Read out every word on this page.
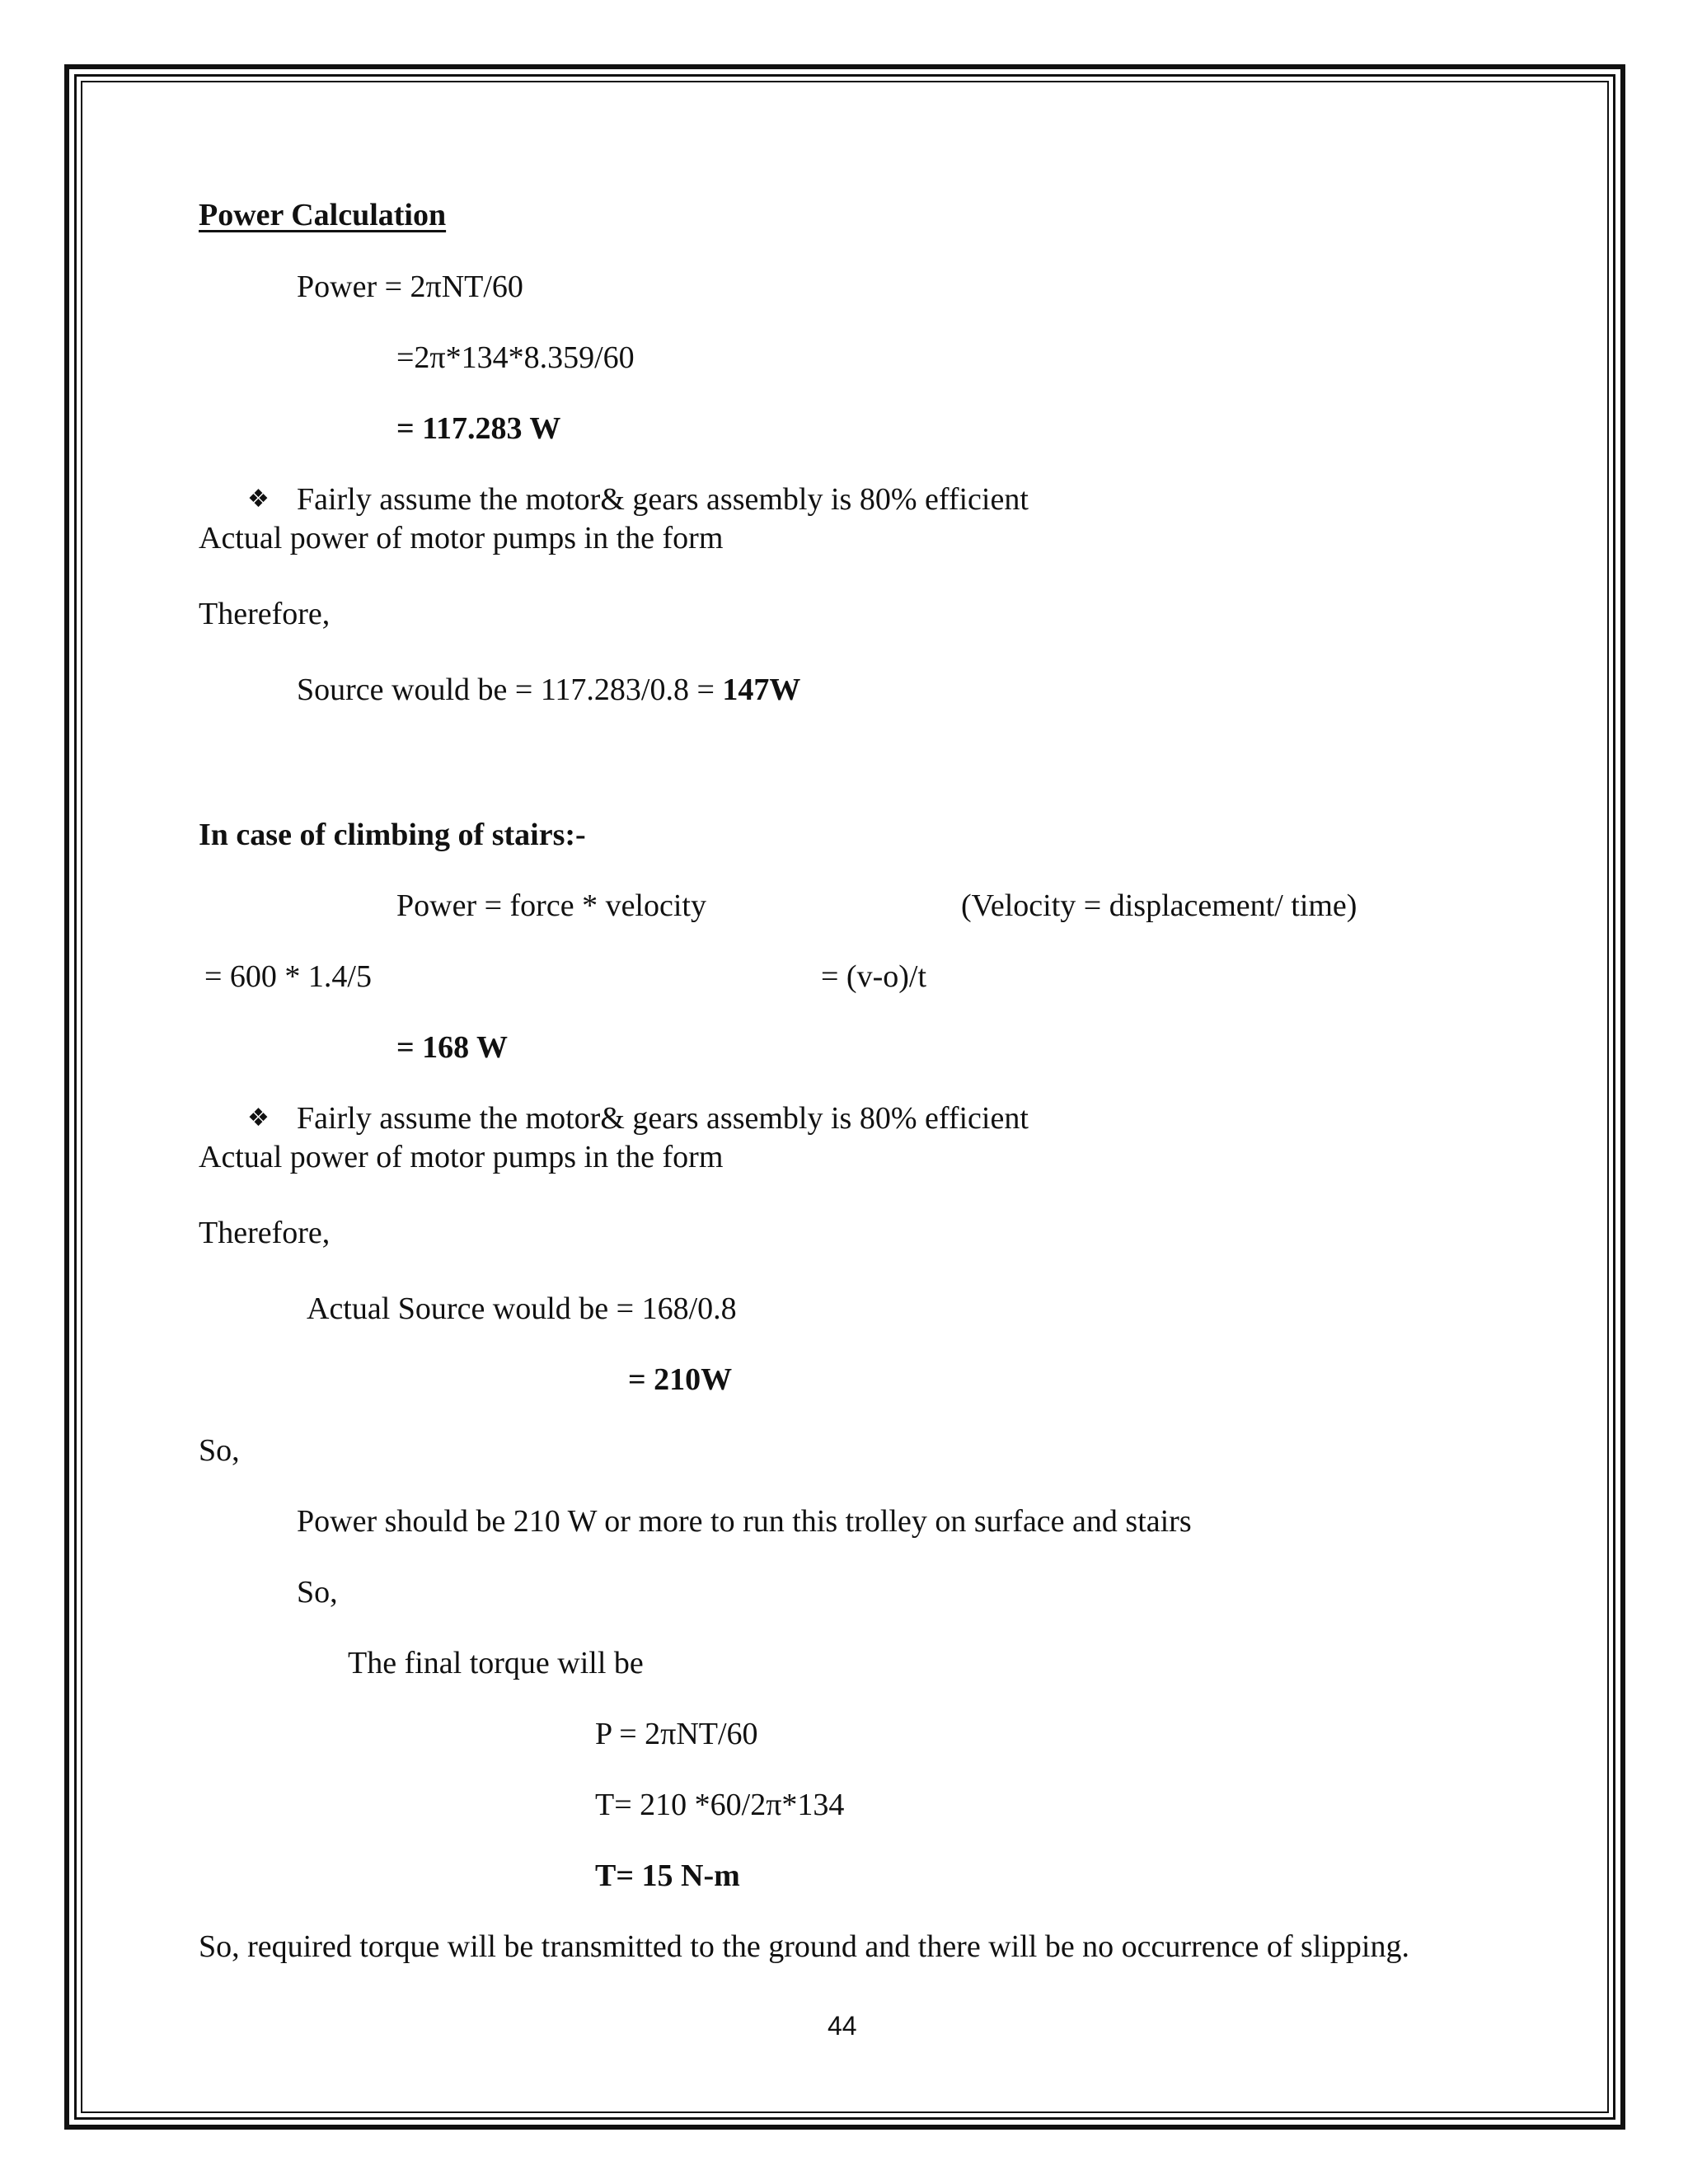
Power Calculation
Power = 2πNT/60
=2π*134*8.359/60
= 117.283 W
❖ Fairly assume the motor& gears assembly is 80% efficient
Actual power of motor pumps in the form
Therefore,
Source would be = 117.283/0.8 = 147W
In case of climbing of stairs:-
Power = force * velocity	(Velocity = displacement/ time)
= 600 * 1.4/5	= (v-o)/t
= 168 W
❖ Fairly assume the motor& gears assembly is 80% efficient
Actual power of motor pumps in the form
Therefore,
Actual Source would be = 168/0.8
= 210W
So,
Power should be 210 W or more to run this trolley on surface and stairs
So,
The final torque will be
P = 2πNT/60
T= 210 *60/2π*134
T= 15 N-m
So, required torque will be transmitted to the ground and there will be no occurrence of slipping.
44
